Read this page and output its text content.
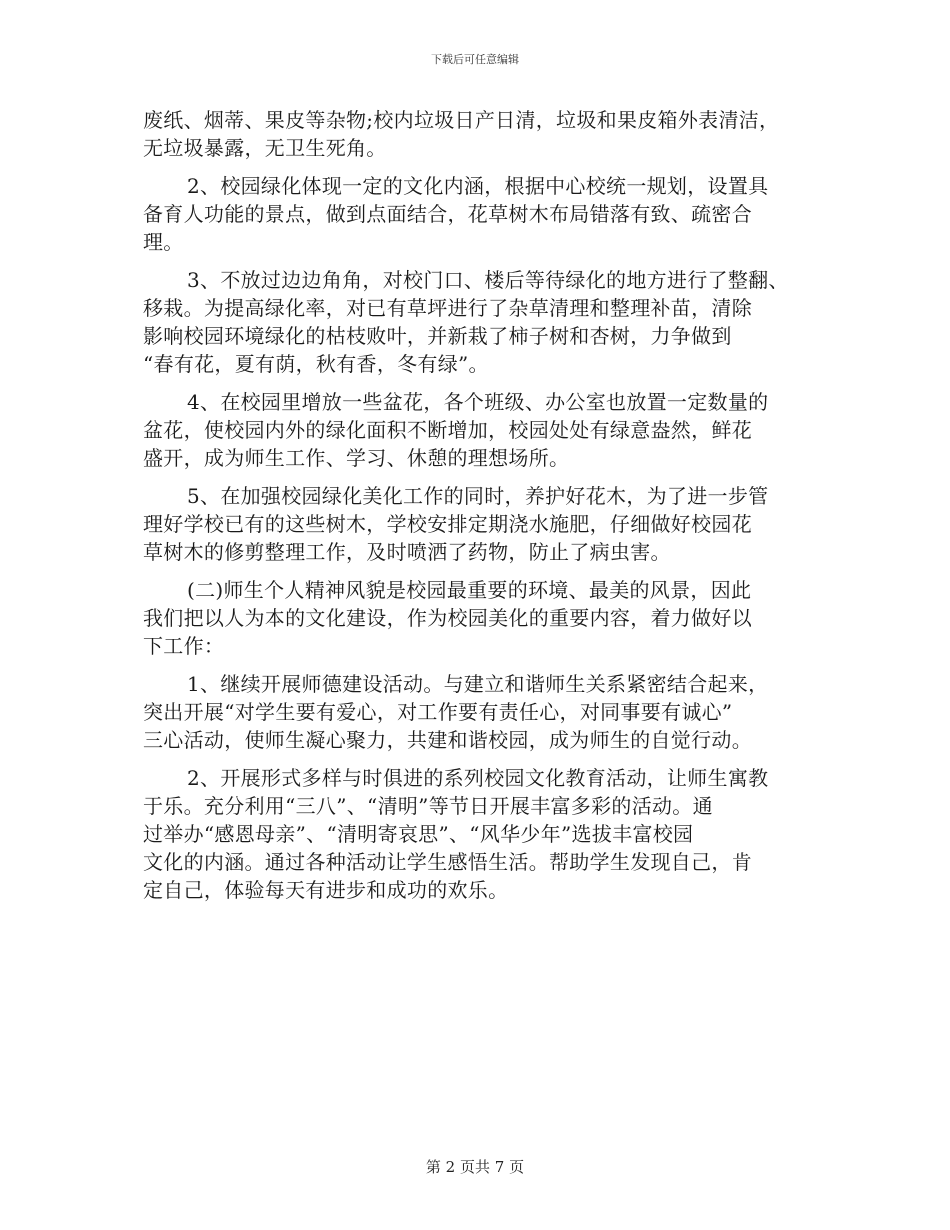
下载后可任意编辑
废纸、烟蒂、果皮等杂物;校内垃圾日产日清，垃圾和果皮箱外表清洁，
无垃圾暴露，无卫生死角。
2、校园绿化体现一定的文化内涵，根据中心校统一规划，设置具
备育人功能的景点，做到点面结合，花草树木布局错落有致、疏密合
理。
3、不放过边边角角，对校门口、楼后等待绿化的地方进行了整翻、
移栽。为提高绿化率，对已有草坪进行了杂草清理和整理补苗，清除
影响校园环境绿化的枯枝败叶，并新栽了柿子树和杏树，力争做到
“春有花，夏有荫，秋有香，冬有绿”。
4、在校园里增放一些盆花，各个班级、办公室也放置一定数量的
盆花，使校园内外的绿化面积不断增加，校园处处有绿意盎然，鲜花
盛开，成为师生工作、学习、休憩的理想场所。
5、在加强校园绿化美化工作的同时，养护好花木，为了进一步管
理好学校已有的这些树木，学校安排定期浇水施肥，仔细做好校园花
草树木的修剪整理工作，及时喷洒了药物，防止了病虫害。
(二)师生个人精神风貌是校园最重要的环境、最美的风景，因此
我们把以人为本的文化建设，作为校园美化的重要内容，着力做好以
下工作：
1、继续开展师德建设活动。与建立和谐师生关系紧密结合起来，
突出开展“对学生要有爱心，对工作要有责任心，对同事要有诚心”
三心活动，使师生凝心聚力，共建和谐校园，成为师生的自觉行动。
2、开展形式多样与时俱进的系列校园文化教育活动，让师生寓教
于乐。充分利用“三八”、“清明”等节日开展丰富多彩的活动。通
过举办“感恩母亲”、“清明寄哀思”、“风华少年”选拔丰富校园
文化的内涵。通过各种活动让学生感悟生活。帮助学生发现自己，肯
定自己，体验每天有进步和成功的欢乐。
第 2 页共 7 页
